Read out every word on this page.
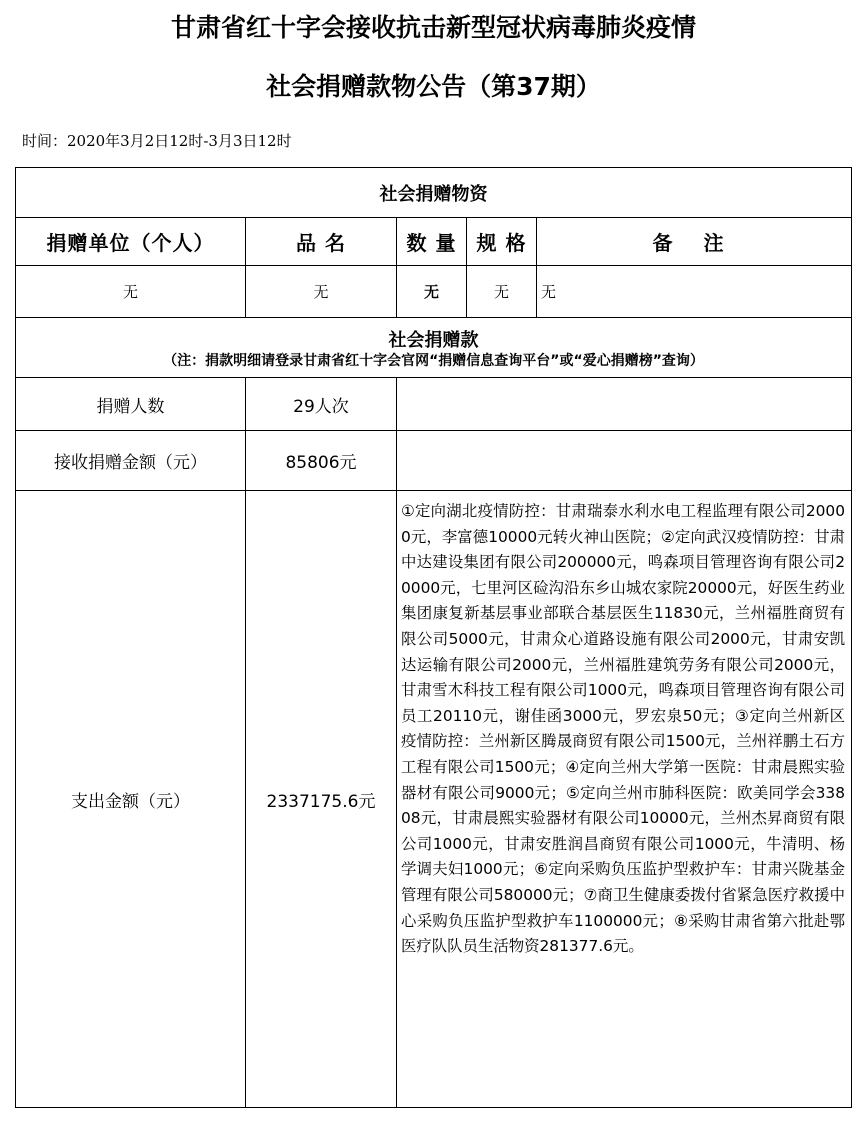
甘肃省红十字会接收抗击新型冠状病毒肺炎疫情
社会捐赠款物公告（第37期）
时间：2020年3月2日12时-3月3日12时
社会捐赠物资				
捐赠单位（个人）	品 名	数 量	规 格	备 注
无	无	无	无	无

社会捐赠款
（注：捐款明细请登录甘肃省红十字会官网“捐赠信息查询平台”或“爱心捐赠榜”查询）				

捐赠人数	29人次			
接收捐赠金额（元）	85806元			
支出金额（元）	2337175.6元	①定向湖北疫情防控：甘肃瑞泰水利水电工程监理有限公司20000元，李富德10000元转火神山医院；②定向武汉疫情防控：甘肃中达建设集团有限公司200000元，鸣森项目管理咨询有限公司20000元，七里河区硷沟沿东乡山城农家院20000元，好医生药业集团康复新基层事业部联合基层医生11830元，兰州福胜商贸有限公司5000元，甘肃众心道路设施有限公司2000元，甘肃安凯达运输有限公司2000元，兰州福胜建筑劳务有限公司2000元，甘肃雪木科技工程有限公司1000元，鸣森项目管理咨询有限公司员工20110元，谢佳函3000元，罗宏泉50元；③定向兰州新区疫情防控：兰州新区腾晟商贸有限公司1500元，兰州祥鹏土石方工程有限公司1500元；④定向兰州大学第一医院：甘肃晨熙实验器材有限公司9000元；⑤定向兰州市肺科医院：欧美同学会33808元，甘肃晨熙实验器材有限公司10000元，兰州杰昇商贸有限公司1000元，甘肃安胜润昌商贸有限公司1000元，牛清明、杨学调夫妇1000元；⑥定向采购负压监护型救护车：甘肃兴陇基金管理有限公司580000元；⑦商卫生健康委拨付省紧急医疗救援中心采购负压监护型救护车1100000元；⑧采购甘肃省第六批赴鄂医疗队队员生活物资281377.6元。		
